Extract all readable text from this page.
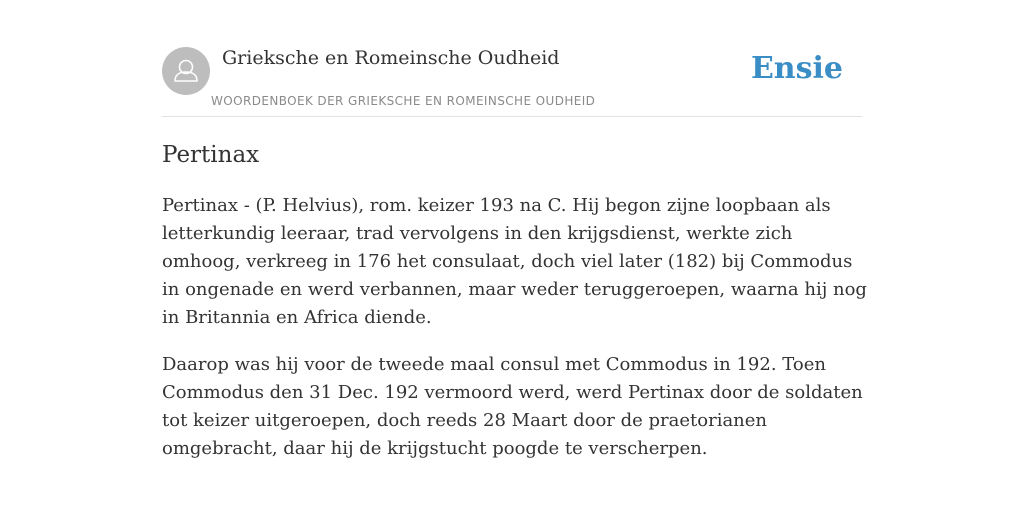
Grieksche en Romeinsche Oudheid
WOORDENBOEK DER GRIEKSCHE EN ROMEINSCHE OUDHEID
Ensie
Pertinax

Pertinax - (P. Helvius), rom. keizer 193 na C. Hij begon zijne loopbaan als letterkundig leeraar, trad vervolgens in den krijgsdienst, werkte zich omhoog, verkreeg in 176 het consulaat, doch viel later (182) bij Commodus in ongenade en werd verbannen, maar weder teruggeroepen, waarna hij nog in Britannia en Africa diende.

Daarop was hij voor de tweede maal consul met Commodus in 192. Toen Commodus den 31 Dec. 192 vermoord werd, werd Pertinax door de soldaten tot keizer uitgeroepen, doch reeds 28 Maart door de praetorianen omgebracht, daar hij de krijgstucht poogde te verscherpen.
